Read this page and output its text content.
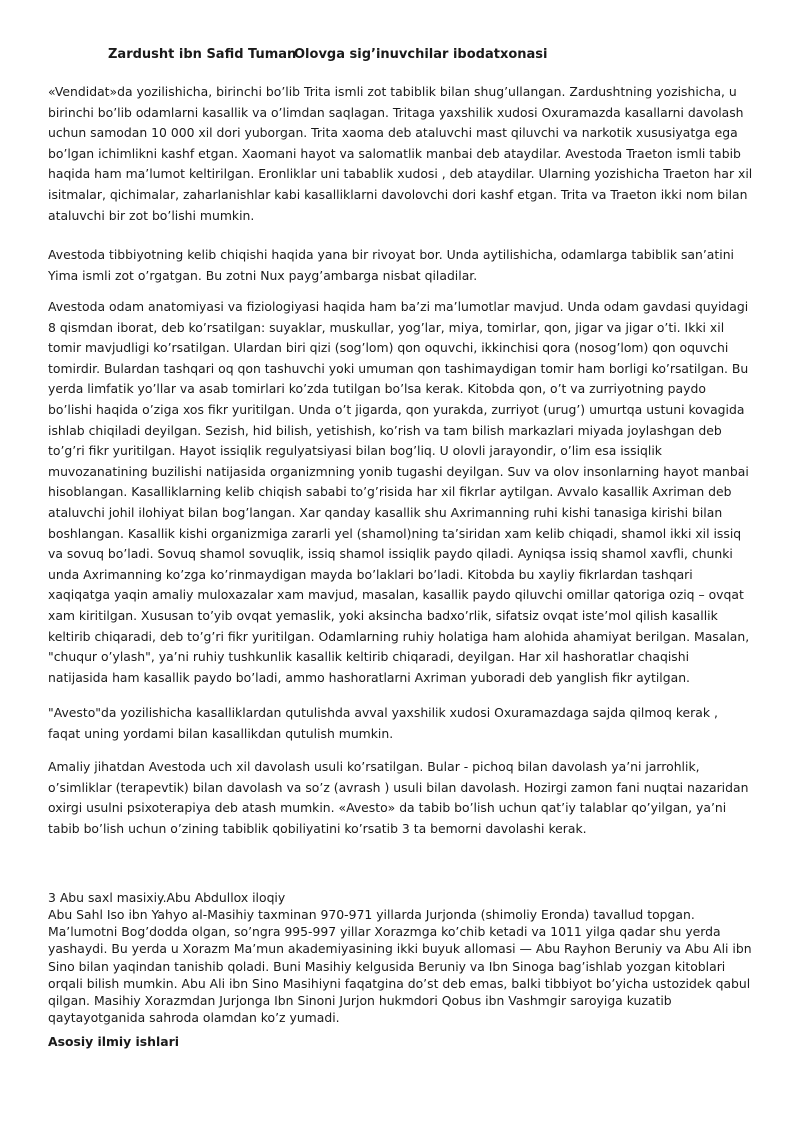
Zardusht ibn Safid Tuman
Olovga sig’inuvchilar ibodatxonasi

«Vendidat»da yozilishicha, birinchi bo’lib Trita ismli zot tabiblik bilan shug’ullangan. Zardushtning yozishicha, u birinchi bo’lib odamlarni kasallik va o’limdan saqlagan. Tritaga yaxshilik xudosi Oxuramazda kasallarni davolash uchun samodan 10 000 xil dori yuborgan. Trita xaoma deb ataluvchi mast qiluvchi va narkotik xususiyatga ega bo’lgan ichimlikni kashf etgan. Xaomani hayot va salomatlik manbai deb ataydilar. Avestoda Traeton ismli tabib haqida ham ma’lumot keltirilgan. Eronliklar uni tabablik xudosi , deb ataydilar. Ularning yozishicha Traeton har xil isitmalar, qichimalar, zaharlanishlar kabi kasalliklarni davolovchi dori kashf etgan. Trita va Traeton ikki nom bilan ataluvchi bir zot bo’lishi mumkin.

Avestoda tibbiyotning kelib chiqishi haqida yana bir rivoyat bor. Unda aytilishicha, odamlarga tabiblik san’atini Yima ismli zot o’rgatgan. Bu zotni Nux payg’ambarga nisbat qiladilar.

Avestoda odam anatomiyasi va fiziologiyasi haqida ham ba’zi ma’lumotlar mavjud. Unda odam gavdasi quyidagi 8 qismdan iborat, deb ko’rsatilgan: suyaklar, muskullar, yog’lar, miya, tomirlar, qon, jigar va jigar o’ti. Ikki xil tomir mavjudligi ko’rsatilgan. Ulardan biri qizi (sog’lom) qon oquvchi, ikkinchisi qora (nosog’lom) qon oquvchi tomirdir. Bulardan tashqari oq qon tashuvchi yoki umuman qon tashimaydigan tomir ham borligi ko’rsatilgan. Bu yerda limfatik yo’llar va asab tomirlari ko’zda tutilgan bo’lsa kerak. Kitobda qon, o’t va zurriyotning paydo bo’lishi haqida o’ziga xos fikr yuritilgan. Unda o’t jigarda, qon yurakda, zurriyot (urug’) umurtqa ustuni kovagida ishlab chiqiladi deyilgan. Sezish, hid bilish, yetishish, ko’rish va tam bilish markazlari miyada joylashgan deb to’g’ri fikr yuritilgan. Hayot issiqlik regulyatsiyasi bilan bog’liq. U olovli jarayondir, o’lim esa issiqlik muvozanatining buzilishi natijasida organizmning yonib tugashi deyilgan. Suv va olov insonlarning hayot manbai hisoblangan. Kasalliklarning kelib chiqish sababi to’g’risida har xil fikrlar aytilgan. Avvalo kasallik Axriman deb ataluvchi johil ilohiyat bilan bog’langan. Xar qanday kasallik shu Axrimanning ruhi kishi tanasiga kirishi bilan boshlangan. Kasallik kishi organizmiga zararli yel (shamol)ning ta’siridan xam kelib chiqadi, shamol ikki xil issiq va sovuq bo’ladi. Sovuq shamol sovuqlik, issiq shamol issiqlik paydo qiladi. Ayniqsa issiq shamol xavfli, chunki unda Axrimanning ko’zga ko’rinmaydigan mayda bo’laklari bo’ladi. Kitobda bu xayliy fikrlardan tashqari xaqiqatga yaqin amaliy muloxazalar xam mavjud, masalan, kasallik paydo qiluvchi omillar qatoriga oziq – ovqat xam kiritilgan. Xususan to’yib ovqat yemaslik, yoki aksincha badxo’rlik, sifatsiz ovqat iste’mol qilish kasallik keltirib chiqaradi, deb to’g’ri fikr yuritilgan. Odamlarning ruhiy holatiga ham alohida ahamiyat berilgan. Masalan, "chuqur o’ylash", ya’ni ruhiy tushkunlik kasallik keltirib chiqaradi, deyilgan. Har xil hashoratlar chaqishi natijasida ham kasallik paydo bo’ladi, ammo hashoratlarni Axriman yuboradi deb yanglish fikr aytilgan.

"Avesto"da yozilishicha kasalliklardan qutulishda avval yaxshilik xudosi Oxuramazdaga sajda qilmoq kerak , faqat uning yordami bilan kasallikdan qutulish mumkin.

Amaliy jihatdan Avestoda uch xil davolash usuli ko’rsatilgan. Bular - pichoq bilan davolash ya’ni jarrohlik, o’simliklar (terapevtik) bilan davolash va so’z (avrash ) usuli bilan davolash. Hozirgi zamon fani nuqtai nazaridan oxirgi usulni psixoterapiya deb atash mumkin. «Avesto» da tabib bo’lish uchun qat’iy talablar qo’yilgan, ya’ni tabib bo’lish uchun o’zining tabiblik qobiliyatini ko’rsatib 3 ta bemorni davolashi kerak.

3 Abu saxl masixiy.Abu Abdullox iloqiy

Abu Sahl Iso ibn Yahyo al-Masihiy taxminan 970-971 yillarda Jurjonda (shimoliy Eronda) tavallud topgan. Ma’lumotni Bog’dodda olgan, so’ngra 995-997 yillar Xorazmga ko’chib ketadi va 1011 yilga qadar shu yerda yashaydi. Bu yerda u Xorazm Ma’mun akademiyasining ikki buyuk allomasi — Abu Rayhon Beruniy va Abu Ali ibn Sino bilan yaqindan tanishib qoladi. Buni Masihiy kelgusida Beruniy va Ibn Sinoga bag’ishlab yozgan kitoblari orqali bilish mumkin. Abu Ali ibn Sino Masihiyni faqatgina do’st deb emas, balki tibbiyot bo’yicha ustozidek qabul qilgan. Masihiy Xorazmdan Jurjonga Ibn Sinoni Jurjon hukmdori Qobus ibn Vashmgir saroyiga kuzatib qaytayotganida sahroda olamdan ko’z yumadi.

Asosiy ilmiy ishlari
